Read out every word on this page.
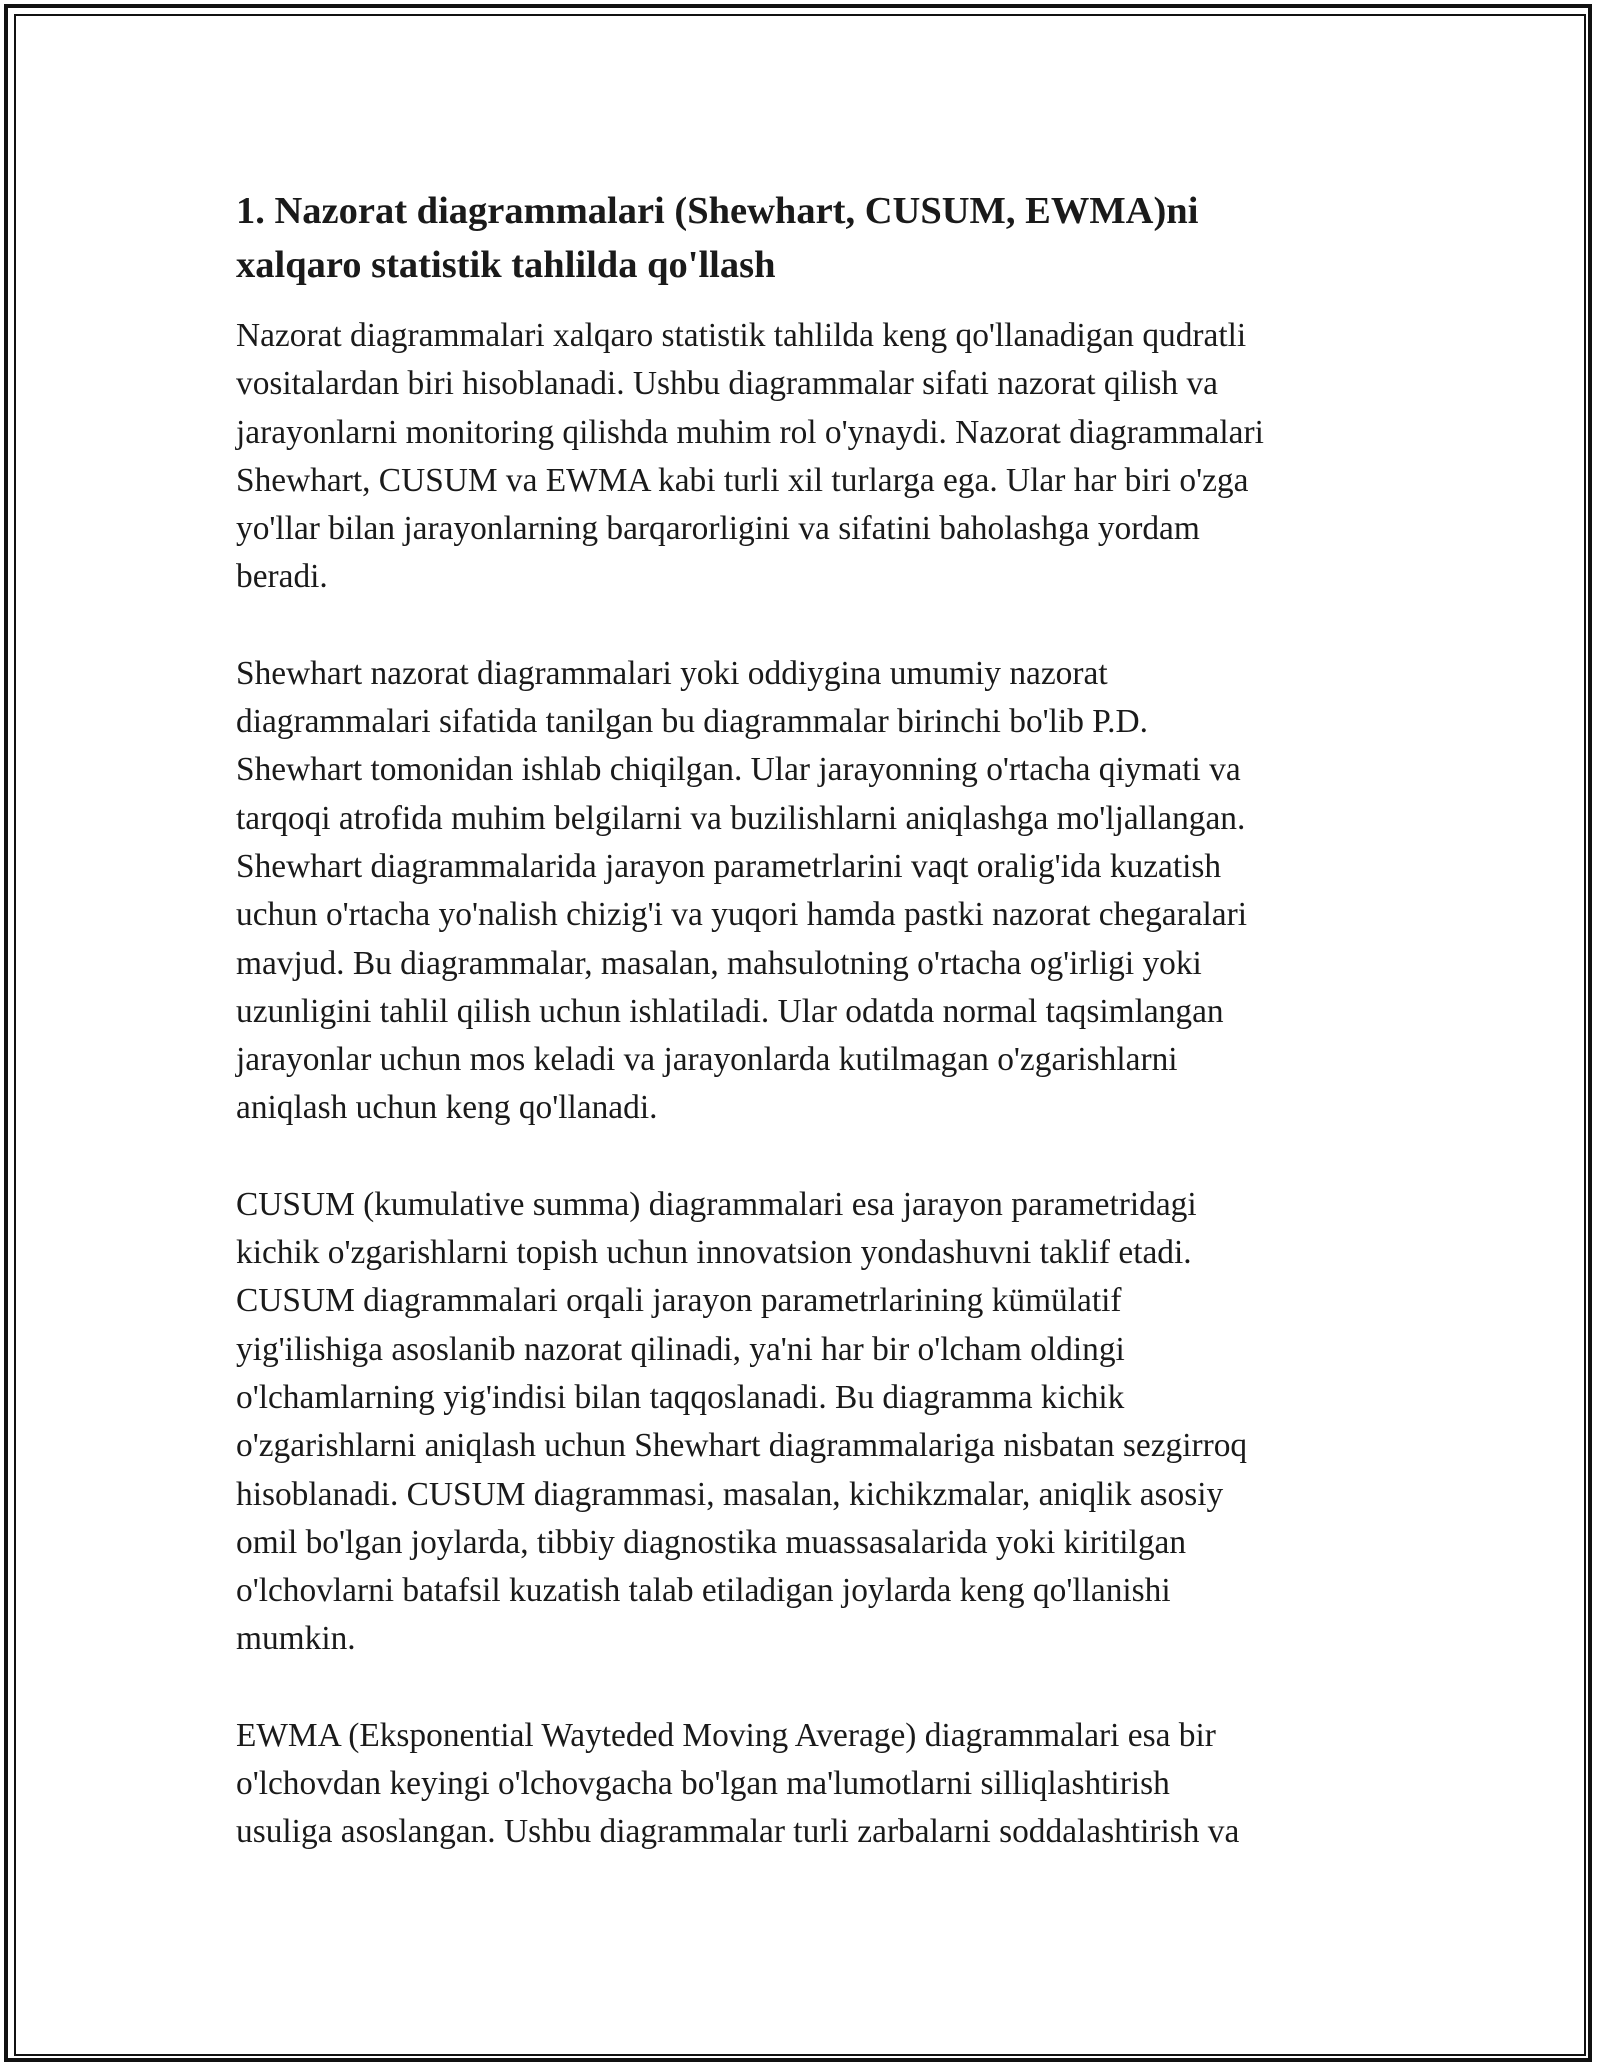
1. Nazorat diagrammalari (Shewhart, CUSUM, EWMA)ni
xalqaro statistik tahlilda qo'llash

Nazorat diagrammalari xalqaro statistik tahlilda keng qo'llanadigan qudratli
vositalardan biri hisoblanadi. Ushbu diagrammalar sifati nazorat qilish va
jarayonlarni monitoring qilishda muhim rol o'ynaydi. Nazorat diagrammalari
Shewhart, CUSUM va EWMA kabi turli xil turlarga ega. Ular har biri o'zga
yo'llar bilan jarayonlarning barqarorligini va sifatini baholashga yordam
beradi.

Shewhart nazorat diagrammalari yoki oddiygina umumiy nazorat
diagrammalari sifatida tanilgan bu diagrammalar birinchi bo'lib P.D.
Shewhart tomonidan ishlab chiqilgan. Ular jarayonning o'rtacha qiymati va
tarqoqi atrofida muhim belgilarni va buzilishlarni aniqlashga mo'ljallangan.
Shewhart diagrammalarida jarayon parametrlarini vaqt oralig'ida kuzatish
uchun o'rtacha yo'nalish chizig'i va yuqori hamda pastki nazorat chegaralari
mavjud. Bu diagrammalar, masalan, mahsulotning o'rtacha og'irligi yoki
uzunligini tahlil qilish uchun ishlatiladi. Ular odatda normal taqsimlangan
jarayonlar uchun mos keladi va jarayonlarda kutilmagan o'zgarishlarni
aniqlash uchun keng qo'llanadi.

CUSUM (kumulative summa) diagrammalari esa jarayon parametridagi
kichik o'zgarishlarni topish uchun innovatsion yondashuvni taklif etadi.
CUSUM diagrammalari orqali jarayon parametrlarining kümülatif
yig'ilishiga asoslanib nazorat qilinadi, ya'ni har bir o'lcham oldingi
o'lchamlarning yig'indisi bilan taqqoslanadi. Bu diagramma kichik
o'zgarishlarni aniqlash uchun Shewhart diagrammalariga nisbatan sezgirroq
hisoblanadi. CUSUM diagrammasi, masalan, kichikzmalar, aniqlik asosiy
omil bo'lgan joylarda, tibbiy diagnostika muassasalarida yoki kiritilgan
o'lchovlarni batafsil kuzatish talab etiladigan joylarda keng qo'llanishi
mumkin.

EWMA (Eksponential Wayteded Moving Average) diagrammalari esa bir
o'lchovdan keyingi o'lchovgacha bo'lgan ma'lumotlarni silliqlashtirish
usuliga asoslangan. Ushbu diagrammalar turli zarbalarni soddalashtirish va
